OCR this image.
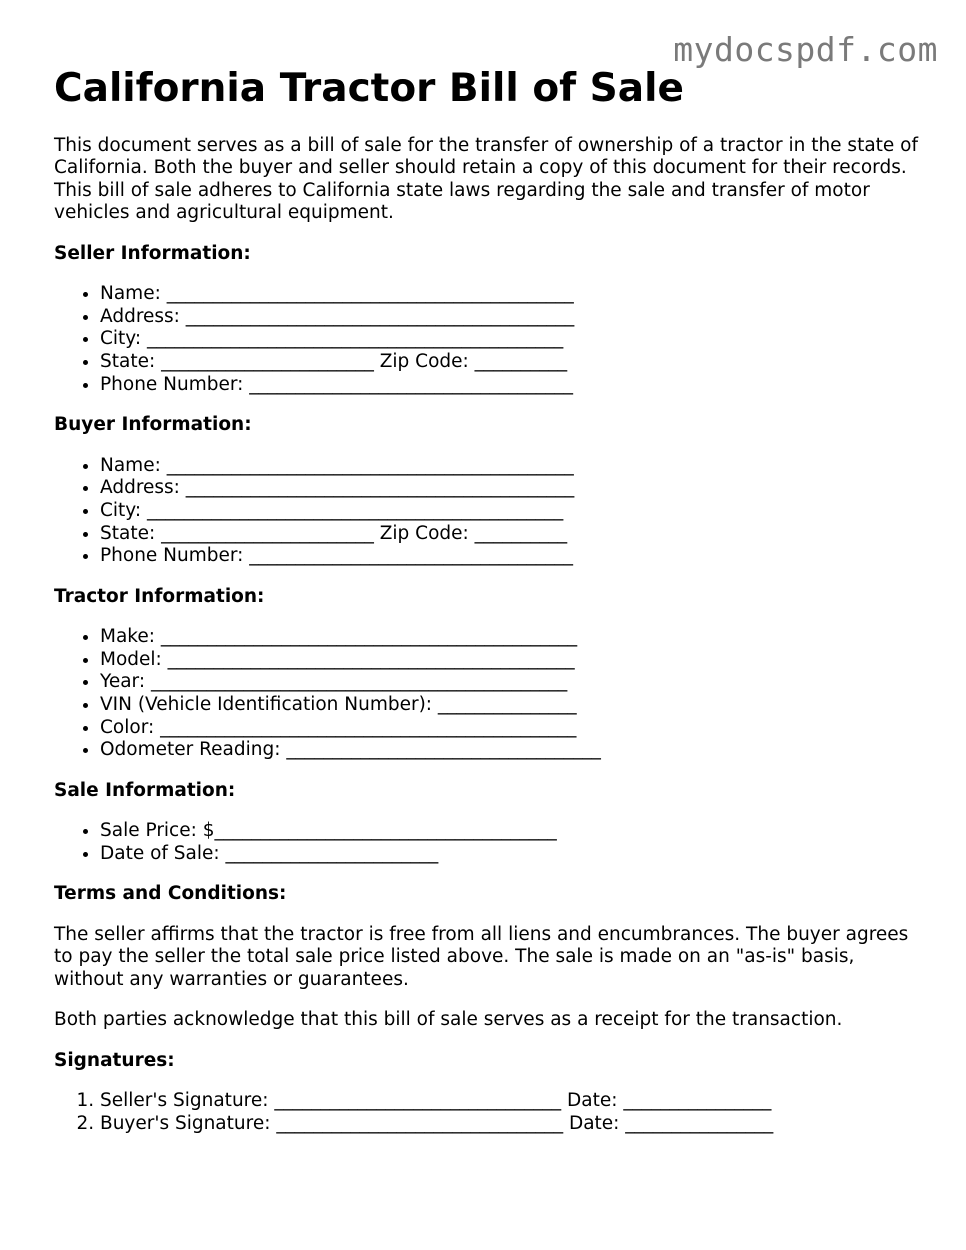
mydocspdf.com
California Tractor Bill of Sale

This document serves as a bill of sale for the transfer of ownership of a tractor in the state of California. Both the buyer and seller should retain a copy of this document for their records. This bill of sale adheres to California state laws regarding the sale and transfer of motor vehicles and agricultural equipment.

Seller Information:
• Name: ____________________________________________
• Address: __________________________________________
• City: _____________________________________________
• State: _______________________ Zip Code: __________
• Phone Number: ___________________________________
Buyer Information:
• Name: ____________________________________________
• Address: __________________________________________
• City: _____________________________________________
• State: _______________________ Zip Code: __________
• Phone Number: ___________________________________
Tractor Information:
• Make: _____________________________________________
• Model: ____________________________________________
• Year: _____________________________________________
• VIN (Vehicle Identification Number): _______________
• Color: _____________________________________________
• Odometer Reading: __________________________________
Sale Information:
• Sale Price: $_____________________________________
• Date of Sale: _______________________
Terms and Conditions:

The seller affirms that the tractor is free from all liens and encumbrances. The buyer agrees to pay the seller the total sale price listed above. The sale is made on an "as-is" basis, without any warranties or guarantees.

Both parties acknowledge that this bill of sale serves as a receipt for the transaction.

Signatures:
1. Seller's Signature: _______________________________ Date: ________________
2. Buyer's Signature: _______________________________ Date: ________________
